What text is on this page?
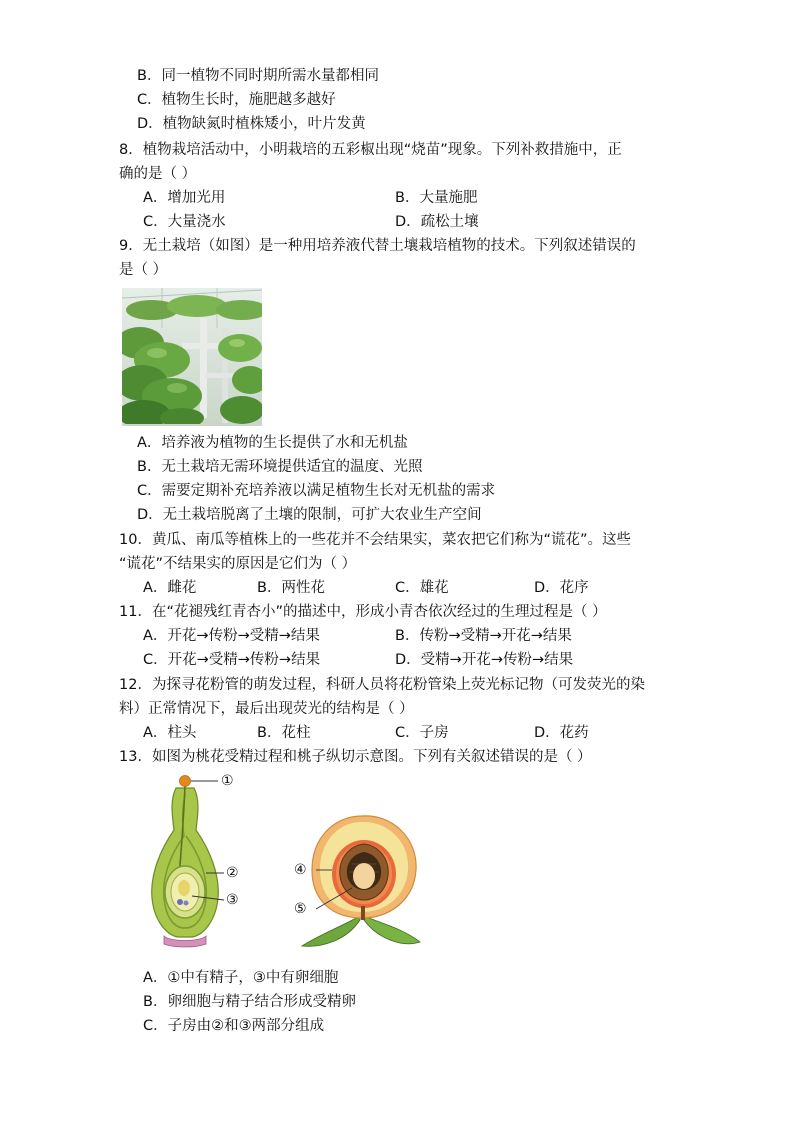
B．同一植物不同时期所需水量都相同
C．植物生长时，施肥越多越好
D．植物缺氮时植株矮小，叶片发黄
8．植物栽培活动中，小明栽培的五彩椒出现“烧苗”现象。下列补救措施中，正
确的是（ ）
A．增加光用	B．大量施肥
C．大量浇水	D．疏松土壤
9．无土栽培（如图）是一种用培养液代替土壤栽培植物的技术。下列叙述错误的
是（ ）
A．培养液为植物的生长提供了水和无机盐
B．无土栽培无需环境提供适宜的温度、光照
C．需要定期补充培养液以满足植物生长对无机盐的需求
D．无土栽培脱离了土壤的限制，可扩大农业生产空间
10．黄瓜、南瓜等植株上的一些花并不会结果实，菜农把它们称为“谎花”。这些
“谎花”不结果实的原因是它们为（ ）
A．雌花	B．两性花	C．雄花	D．花序
11．在“花褪残红青杏小”的描述中，形成小青杏依次经过的生理过程是（ ）
A．开花→传粉→受精→结果	B．传粉→受精→开花→结果
C．开花→受精→传粉→结果	D．受精→开花→传粉→结果
12．为探寻花粉管的萌发过程，科研人员将花粉管染上荧光标记物（可发荧光的染
料）正常情况下，最后出现荧光的结构是（ ）
A．柱头	B．花柱	C．子房	D．花药
13．如图为桃花受精过程和桃子纵切示意图。下列有关叙述错误的是（ ）
①
②
③
④
⑤
A．①中有精子，③中有卵细胞
B．卵细胞与精子结合形成受精卵
C．子房由②和③两部分组成
